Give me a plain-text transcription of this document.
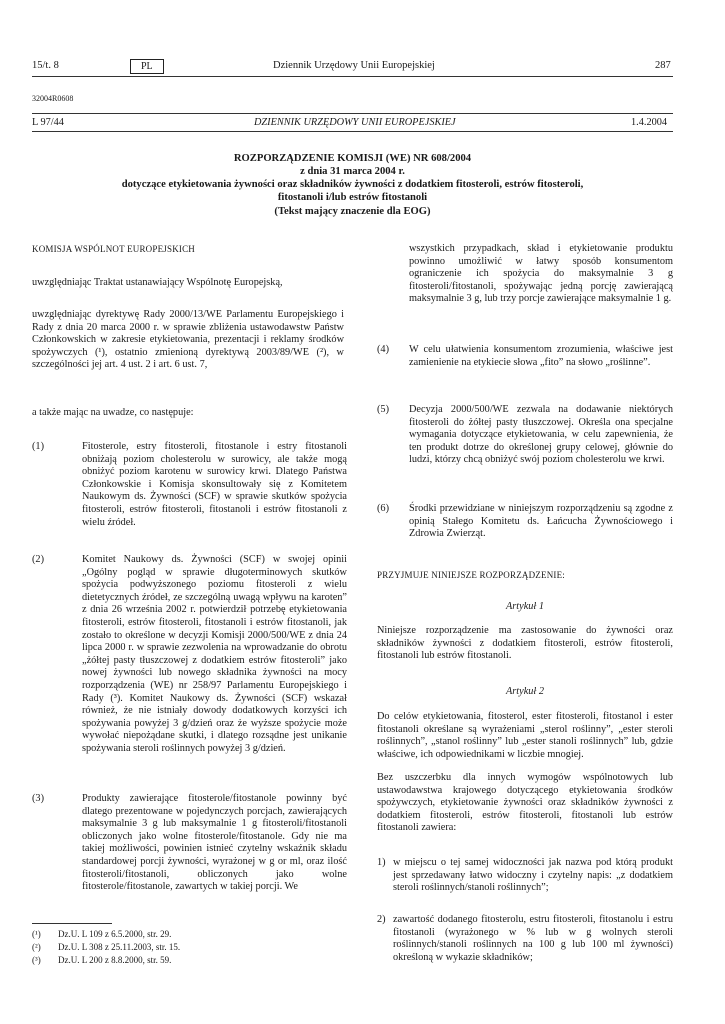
15/t. 8	PL	Dziennik Urzędowy Unii Europejskiej	287
32004R0608
L 97/44	DZIENNIK URZĘDOWY UNII EUROPEJSKIEJ	1.4.2004
ROZPORZĄDZENIE KOMISJI (WE) NR 608/2004
z dnia 31 marca 2004 r.
dotyczące etykietowania żywności oraz składników żywności z dodatkiem fitosteroli, estrów fitosteroli,
fitostanoli i/lub estrów fitostanoli
(Tekst mający znaczenie dla EOG)
KOMISJA WSPÓLNOT EUROPEJSKICH

uwzględniając Traktat ustanawiający Wspólnotę Europejską,

uwzględniając dyrektywę Rady 2000/13/WE Parlamentu Europejskiego i Rady z dnia 20 marca 2000 r. w sprawie zbliżenia ustawodawstw Państw Członkowskich w zakresie etykietowania, prezentacji i reklamy środków spożywczych (¹), ostatnio zmienioną dyrektywą 2003/89/WE (²), w szczególności jej art. 4 ust. 2 i art. 6 ust. 7,

a także mając na uwadze, co następuje:

(1)	Fitosterole, estry fitosteroli, fitostanole i estry fitostanoli obniżają poziom cholesterolu w surowicy, ale także mogą obniżyć poziom karotenu w surowicy krwi. Dlatego Państwa Członkowskie i Komisja skonsultowały się z Komitetem Naukowym ds. Żywności (SCF) w sprawie skutków spożycia fitosteroli, estrów fitosteroli, fitostanoli i estrów fitostanoli z wielu źródeł.
(2)	Komitet Naukowy ds. Żywności (SCF) w swojej opinii „Ogólny pogląd w sprawie długoterminowych skutków spożycia podwyższonego poziomu fitosteroli z wielu dietetycznych źródeł, ze szczególną uwagą wpływu na karoten” z dnia 26 września 2002 r. potwierdził potrzebę etykietowania fitosteroli, estrów fitosteroli, fitostanoli i estrów fitostanoli, jak zostało to określone w decyzji Komisji 2000/500/WE z dnia 24 lipca 2000 r. w sprawie zezwolenia na wprowadzanie do obrotu „żółtej pasty tłuszczowej z dodatkiem estrów fitosteroli” jako nowej żywności lub nowego składnika żywności na mocy rozporządzenia (WE) nr 258/97 Parlamentu Europejskiego i Rady (³). Komitet Naukowy ds. Żywności (SCF) wskazał również, że nie istniały dowody dodatkowych korzyści ich spożywania powyżej 3 g/dzień oraz że wyższe spożycie może wywołać niepożądane skutki, i dlatego rozsądne jest unikanie spożywania steroli roślinnych powyżej 3 g/dzień.
(3)	Produkty zawierające fitosterole/fitostanole powinny być dlatego prezentowane w pojedynczych porcjach, zawierających maksymalnie 3 g lub maksymalnie 1 g fitosteroli/fitostanoli obliczonych jako wolne fitosterole/fitostanole. Gdy nie ma takiej możliwości, powinien istnieć czytelny wskaźnik składu standardowej porcji żywności, wyrażonej w g or ml, oraz ilość fitosteroli/fitostanoli, obliczonych jako wolne fitosterole/fitostanole, zawartych w takiej porcji. We
(¹) Dz.U. L 109 z 6.5.2000, str. 29.
(²) Dz.U. L 308 z 25.11.2003, str. 15.
(³) Dz.U. L 200 z 8.8.2000, str. 59.

wszystkich przypadkach, skład i etykietowanie produktu powinno umożliwić w łatwy sposób konsumentom ograniczenie ich spożycia do maksymalnie 3 g fitosteroli/fitostanoli, spożywając jedną porcję zawierającą maksymalnie 3 g, lub trzy porcje zawierające maksymalnie 1 g.

(4) W celu ułatwienia konsumentom zrozumienia, właściwe jest zamienienie na etykiecie słowa „fito” na słowo „roślinne”.
(5) Decyzja 2000/500/WE zezwala na dodawanie niektórych fitosteroli do żółtej pasty tłuszczowej. Określa ona specjalne wymagania dotyczące etykietowania, w celu zapewnienia, że ten produkt dotrze do określonej grupy celowej, głównie do ludzi, którzy chcą obniżyć swój poziom cholesterolu we krwi.
(6) Środki przewidziane w niniejszym rozporządzeniu są zgodne z opinią Stałego Komitetu ds. Łańcucha Żywnościowego i Zdrowia Zwierząt.
PRZYJMUJE NINIEJSZE ROZPORZĄDZENIE:
Artykuł 1

Niniejsze rozporządzenie ma zastosowanie do żywności oraz składników żywności z dodatkiem fitosteroli, estrów fitosteroli, fitostanoli lub estrów fitostanoli.

Artykuł 2

Do celów etykietowania, fitosterol, ester fitosteroli, fitostanol i ester fitostanoli określane są wyrażeniami „sterol roślinny”, „ester steroli roślinnych”, „stanol roślinny” lub „ester stanoli roślinnych” lub, gdzie właściwe, ich odpowiednikami w liczbie mnogiej.

Bez uszczerbku dla innych wymogów wspólnotowych lub ustawodawstwa krajowego dotyczącego etykietowania środków spożywczych, etykietowanie żywności oraz składników żywności z dodatkiem fitosteroli, estrów fitosteroli, fitostanoli lub estrów fitostanoli zawiera:

1) w miejscu o tej samej widoczności jak nazwa pod którą produkt jest sprzedawany łatwo widoczny i czytelny napis: „z dodatkiem steroli roślinnych/stanoli roślinnych”;
2) zawartość dodanego fitosterolu, estru fitosteroli, fitostanolu i estru fitostanoli (wyrażonego w % lub w g wolnych steroli roślinnych/stanoli roślinnych na 100 g lub 100 ml żywności) określoną w wykazie składników;
